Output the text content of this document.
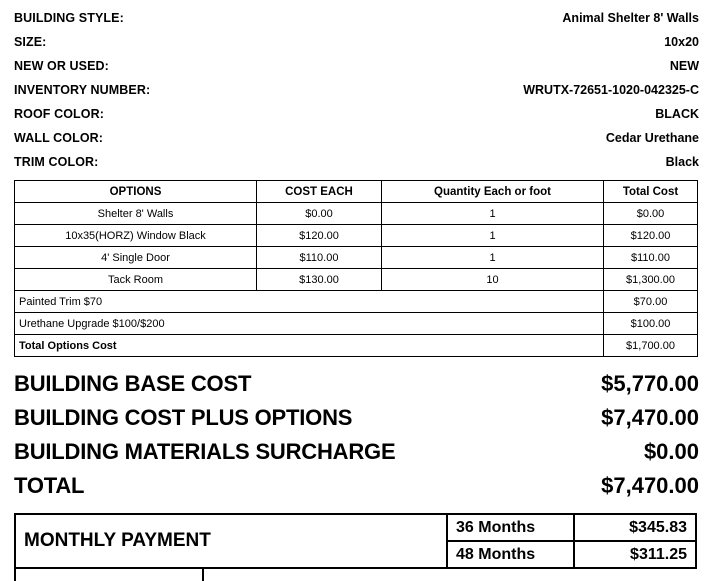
BUILDING STYLE:	Animal Shelter 8' Walls
SIZE:	10x20
NEW OR USED:	NEW
INVENTORY NUMBER:	WRUTX-72651-1020-042325-C
ROOF COLOR:	BLACK
WALL COLOR:	Cedar Urethane
TRIM COLOR:	Black
OPTIONS	COST EACH	Quantity Each or foot	Total Cost
Shelter 8' Walls	$0.00	1	$0.00
10x35(HORZ) Window Black	$120.00	1	$120.00
4' Single Door	$110.00	1	$110.00
Tack Room	$130.00	10	$1,300.00
Painted Trim $70			$70.00
Urethane Upgrade $100/$200			$100.00
Total Options Cost			$1,700.00
BUILDING BASE COST	$5,770.00
BUILDING COST PLUS OPTIONS	$7,470.00
BUILDING MATERIALS SURCHARGE	$0.00
TOTAL	$7,470.00
MONTHLY PAYMENT
36 Months	$345.83
48 Months	$311.25
